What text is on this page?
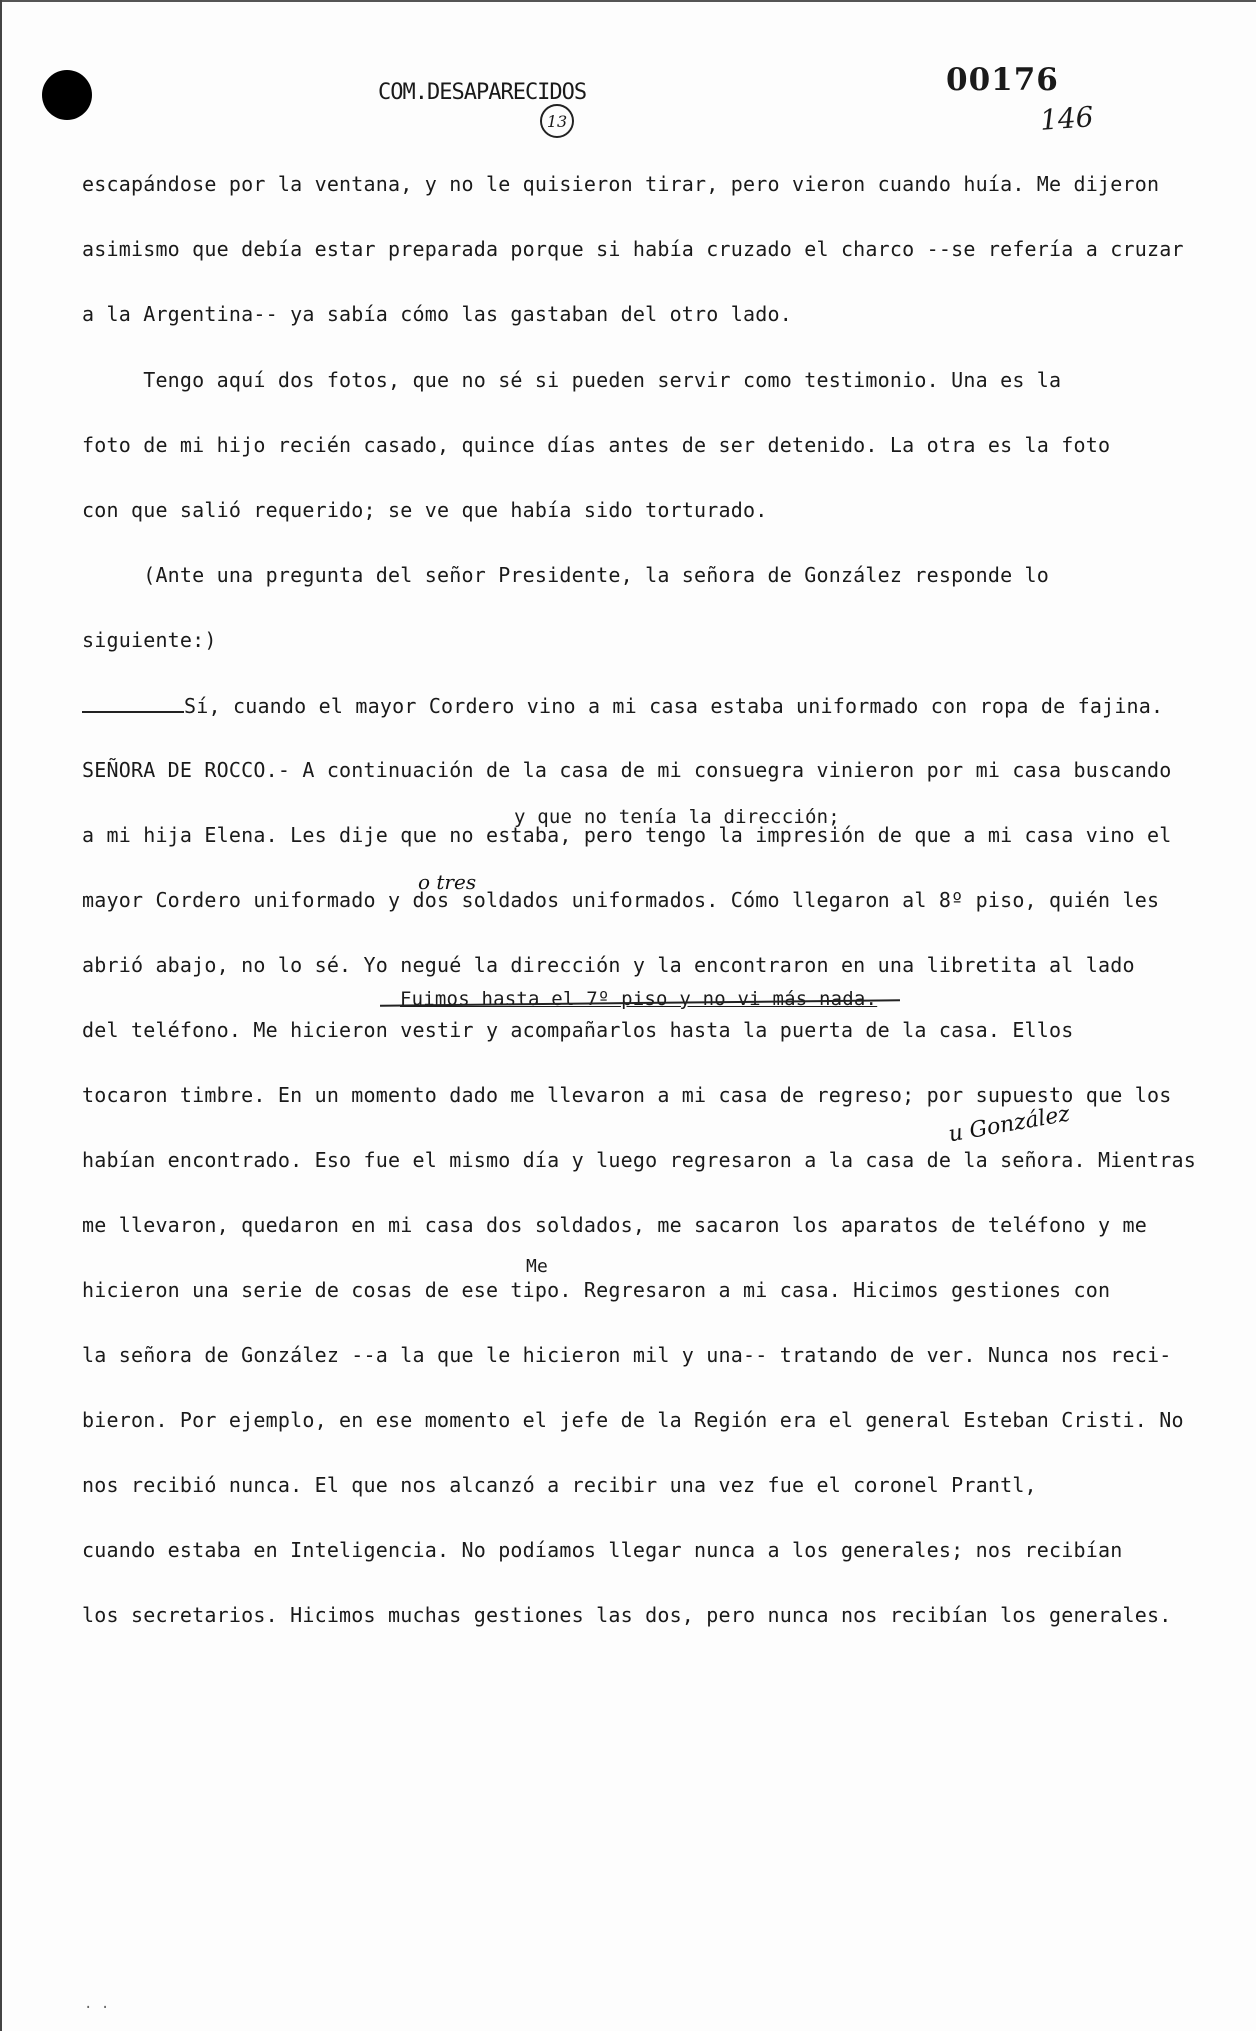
COM.DESAPARECIDOS
13
00176
146
escapándose por la ventana, y no le quisieron tirar, pero vieron cuando huía. Me dijeron
asimismo que debía estar preparada porque si había cruzado el charco --se refería a cruzar
a la Argentina-- ya sabía cómo las gastaban del otro lado.
Tengo aquí dos fotos, que no sé si pueden servir como testimonio. Una es la
foto de mi hijo recién casado, quince días antes de ser detenido. La otra es la foto
con que salió requerido; se ve que había sido torturado.
(Ante una pregunta del señor Presidente, la señora de González responde lo
siguiente:)
Sí, cuando el mayor Cordero vino a mi casa estaba uniformado con ropa de fajina.
SEÑORA DE ROCCO.- A continuación de la casa de mi consuegra vinieron por mi casa buscando
y que no tenía la dirección;
a mi hija Elena. Les dije que no estaba, pero tengo la impresión de que a mi casa vino el
o tres
mayor Cordero uniformado y dos soldados uniformados. Cómo llegaron al 8º piso, quién les
abrió abajo, no lo sé. Yo negué la dirección y la encontraron en una libretita al lado
Fuimos hasta el 7º piso y no vi más nada.
del teléfono. Me hicieron vestir y acompañarlos hasta la puerta de la casa. Ellos
tocaron timbre. En un momento dado me llevaron a mi casa de regreso; por supuesto que los
u González
habían encontrado. Eso fue el mismo día y luego regresaron a la casa de la señora. Mientras
me llevaron, quedaron en mi casa dos soldados, me sacaron los aparatos de teléfono y me
Me
hicieron una serie de cosas de ese tipo. Regresaron a mi casa. Hicimos gestiones con
la señora de González --a la que le hicieron mil y una-- tratando de ver. Nunca nos reci-
bieron. Por ejemplo, en ese momento el jefe de la Región era el general Esteban Cristi. No
nos recibió nunca. El que nos alcanzó a recibir una vez fue el coronel Prantl,
cuando estaba en Inteligencia. No podíamos llegar nunca a los generales; nos recibían
los secretarios. Hicimos muchas gestiones las dos, pero nunca nos recibían los generales.
· ·
